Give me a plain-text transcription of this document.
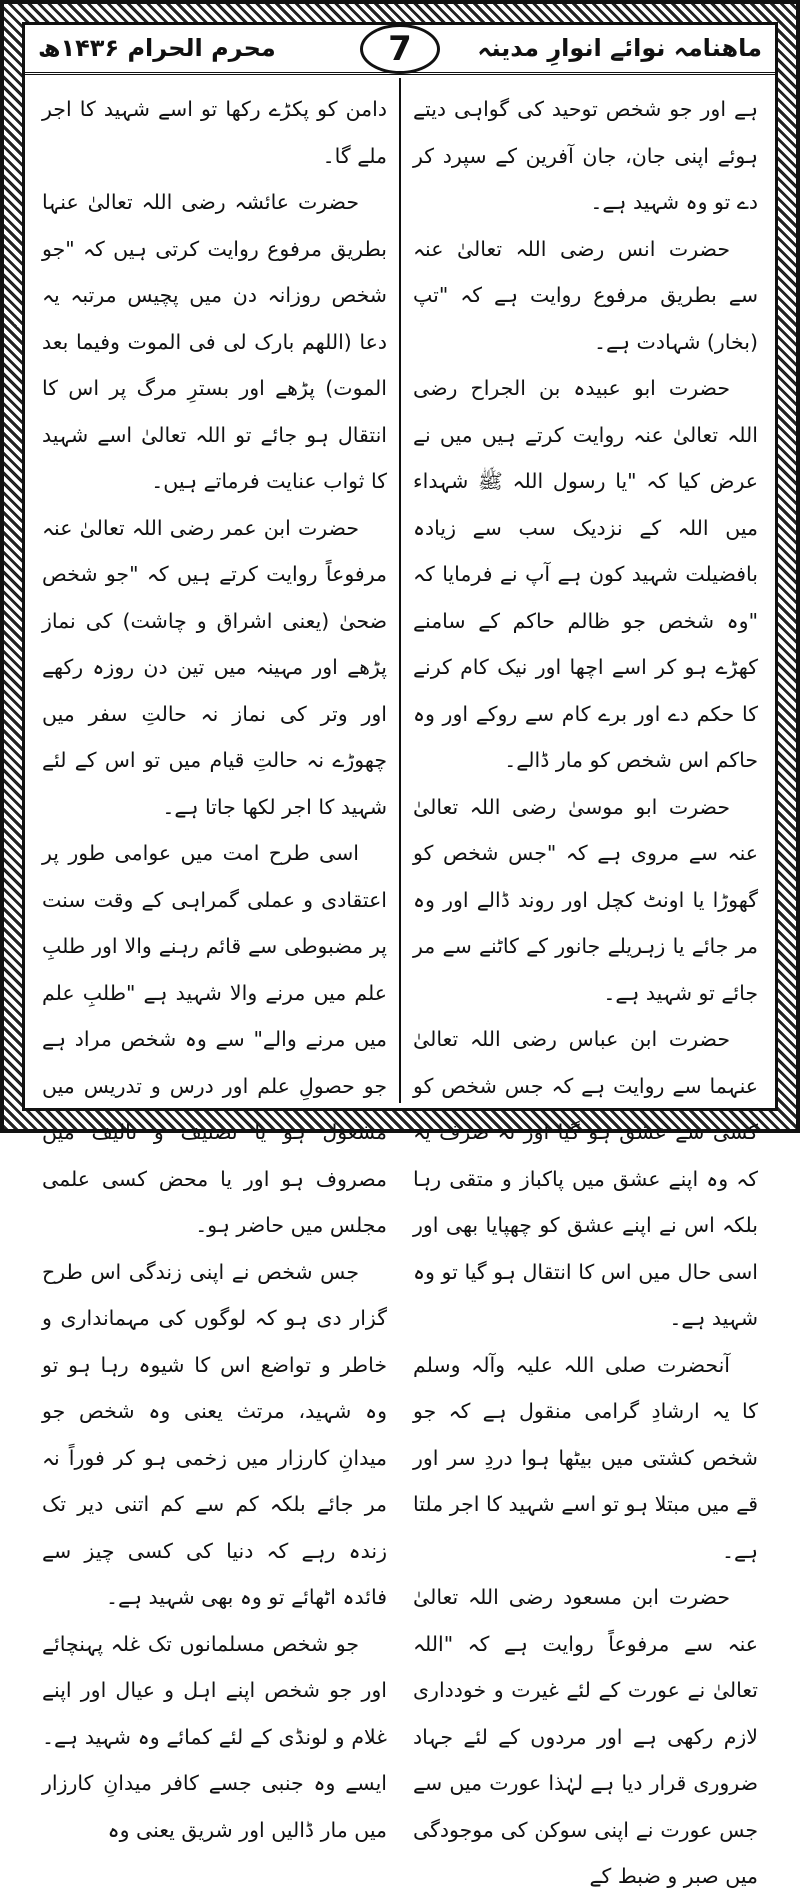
ماھنامہ نوائے انوارِ مدینہ
محرم الحرام ۱۴۳۶ھ	7

ہے اور جو شخص توحید کی گواہی دیتے ہوئے اپنی جان، جان آفرین کے سپرد کر دے تو وہ شہید ہے۔

حضرت انس رضی اللہ تعالیٰ عنہ سے بطریق مرفوع روایت ہے کہ "تپ (بخار) شہادت ہے۔

حضرت ابو عبیدہ بن الجراح رضی اللہ تعالیٰ عنہ روایت کرتے ہیں میں نے عرض کیا کہ "یا رسول اللہ ﷺ شہداء میں اللہ کے نزدیک سب سے زیادہ بافضیلت شہید کون ہے آپ نے فرمایا کہ "وہ شخص جو ظالم حاکم کے سامنے کھڑے ہو کر اسے اچھا اور نیک کام کرنے کا حکم دے اور برے کام سے روکے اور وہ حاکم اس شخص کو مار ڈالے۔

حضرت ابو موسیٰ رضی اللہ تعالیٰ عنہ سے مروی ہے کہ "جس شخص کو گھوڑا یا اونٹ کچل اور روند ڈالے اور وہ مر جائے یا زہریلے جانور کے کاٹنے سے مر جائے تو شہید ہے۔

حضرت ابن عباس رضی اللہ تعالیٰ عنہما سے روایت ہے کہ جس شخص کو کسی سے عشق ہو گیا اور نہ صرف یہ کہ وہ اپنے عشق میں پاکباز و متقی رہا بلکہ اس نے اپنے عشق کو چھپایا بھی اور اسی حال میں اس کا انتقال ہو گیا تو وہ شہید ہے۔

آنحضرت صلی اللہ علیہ وآلہ وسلم کا یہ ارشادِ گرامی منقول ہے کہ جو شخص کشتی میں بیٹھا ہوا دردِ سر اور قے میں مبتلا ہو تو اسے شہید کا اجر ملتا ہے۔

حضرت ابن مسعود رضی اللہ تعالیٰ عنہ سے مرفوعاً روایت ہے کہ "اللہ تعالیٰ نے عورت کے لئے غیرت و خودداری لازم رکھی ہے اور مردوں کے لئے جہاد ضروری قرار دیا ہے لہٰذا عورت میں سے جس عورت نے اپنی سوکن کی موجودگی میں صبر و ضبط کے

دامن کو پکڑے رکھا تو اسے شہید کا اجر ملے گا۔

حضرت عائشہ رضی اللہ تعالیٰ عنہا بطریق مرفوع روایت کرتی ہیں کہ "جو شخص روزانہ دن میں پچیس مرتبہ یہ دعا (اللھم بارک لی فی الموت وفیما بعد الموت) پڑھے اور بسترِ مرگ پر اس کا انتقال ہو جائے تو اللہ تعالیٰ اسے شہید کا ثواب عنایت فرماتے ہیں۔

حضرت ابن عمر رضی اللہ تعالیٰ عنہ مرفوعاً روایت کرتے ہیں کہ "جو شخص ضحیٰ (یعنی اشراق و چاشت) کی نماز پڑھے اور مہینہ میں تین دن روزہ رکھے اور وتر کی نماز نہ حالتِ سفر میں چھوڑے نہ حالتِ قیام میں تو اس کے لئے شہید کا اجر لکھا جاتا ہے۔

اسی طرح امت میں عوامی طور پر اعتقادی و عملی گمراہی کے وقت سنت پر مضبوطی سے قائم رہنے والا اور طلبِ علم میں مرنے والا شہید ہے "طلبِ علم میں مرنے والے" سے وہ شخص مراد ہے جو حصولِ علم اور درس و تدریس میں مشغول ہو یا تصنیف و تالیف میں مصروف ہو اور یا محض کسی علمی مجلس میں حاضر ہو۔

جس شخص نے اپنی زندگی اس طرح گزار دی ہو کہ لوگوں کی مہمانداری و خاطر و تواضع اس کا شیوہ رہا ہو تو وہ شہید، مرتث یعنی وہ شخص جو میدانِ کارزار میں زخمی ہو کر فوراً نہ مر جائے بلکہ کم سے کم اتنی دیر تک زندہ رہے کہ دنیا کی کسی چیز سے فائدہ اٹھائے تو وہ بھی شہید ہے۔

جو شخص مسلمانوں تک غلہ پہنچائے اور جو شخص اپنے اہل و عیال اور اپنے غلام و لونڈی کے لئے کمائے وہ شہید ہے۔ ایسے وہ جنبی جسے کافر میدانِ کارزار میں مار ڈالیں اور شریق یعنی وہ
